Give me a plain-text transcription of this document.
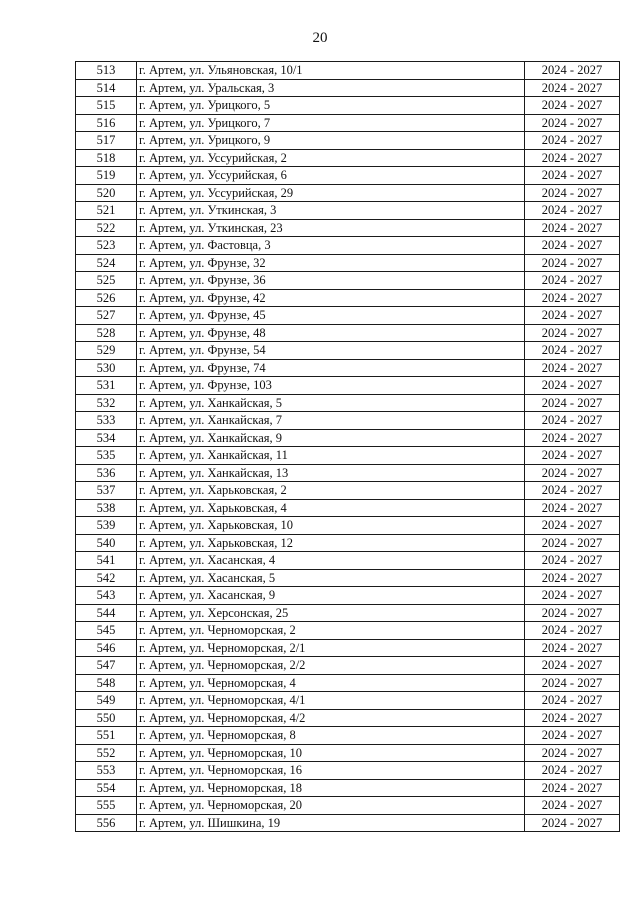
20
513	г. Артем, ул. Ульяновская, 10/1	2024 - 2027
514	г. Артем, ул. Уральская, 3	2024 - 2027
515	г. Артем, ул. Урицкого, 5	2024 - 2027
516	г. Артем, ул. Урицкого, 7	2024 - 2027
517	г. Артем, ул. Урицкого, 9	2024 - 2027
518	г. Артем, ул. Уссурийская, 2	2024 - 2027
519	г. Артем, ул. Уссурийская, 6	2024 - 2027
520	г. Артем, ул. Уссурийская, 29	2024 - 2027
521	г. Артем, ул. Уткинская, 3	2024 - 2027
522	г. Артем, ул. Уткинская, 23	2024 - 2027
523	г. Артем, ул. Фастовца, 3	2024 - 2027
524	г. Артем, ул. Фрунзе, 32	2024 - 2027
525	г. Артем, ул. Фрунзе, 36	2024 - 2027
526	г. Артем, ул. Фрунзе, 42	2024 - 2027
527	г. Артем, ул. Фрунзе, 45	2024 - 2027
528	г. Артем, ул. Фрунзе, 48	2024 - 2027
529	г. Артем, ул. Фрунзе, 54	2024 - 2027
530	г. Артем, ул. Фрунзе, 74	2024 - 2027
531	г. Артем, ул. Фрунзе, 103	2024 - 2027
532	г. Артем, ул. Ханкайская, 5	2024 - 2027
533	г. Артем, ул. Ханкайская, 7	2024 - 2027
534	г. Артем, ул. Ханкайская, 9	2024 - 2027
535	г. Артем, ул. Ханкайская, 11	2024 - 2027
536	г. Артем, ул. Ханкайская, 13	2024 - 2027
537	г. Артем, ул. Харьковская, 2	2024 - 2027
538	г. Артем, ул. Харьковская, 4	2024 - 2027
539	г. Артем, ул. Харьковская, 10	2024 - 2027
540	г. Артем, ул. Харьковская, 12	2024 - 2027
541	г. Артем, ул. Хасанская, 4	2024 - 2027
542	г. Артем, ул. Хасанская, 5	2024 - 2027
543	г. Артем, ул. Хасанская, 9	2024 - 2027
544	г. Артем, ул. Херсонская, 25	2024 - 2027
545	г. Артем, ул. Черноморская, 2	2024 - 2027
546	г. Артем, ул. Черноморская, 2/1	2024 - 2027
547	г. Артем, ул. Черноморская, 2/2	2024 - 2027
548	г. Артем, ул. Черноморская, 4	2024 - 2027
549	г. Артем, ул. Черноморская, 4/1	2024 - 2027
550	г. Артем, ул. Черноморская, 4/2	2024 - 2027
551	г. Артем, ул. Черноморская, 8	2024 - 2027
552	г. Артем, ул. Черноморская, 10	2024 - 2027
553	г. Артем, ул. Черноморская, 16	2024 - 2027
554	г. Артем, ул. Черноморская, 18	2024 - 2027
555	г. Артем, ул. Черноморская, 20	2024 - 2027
556	г. Артем, ул. Шишкина, 19	2024 - 2027
